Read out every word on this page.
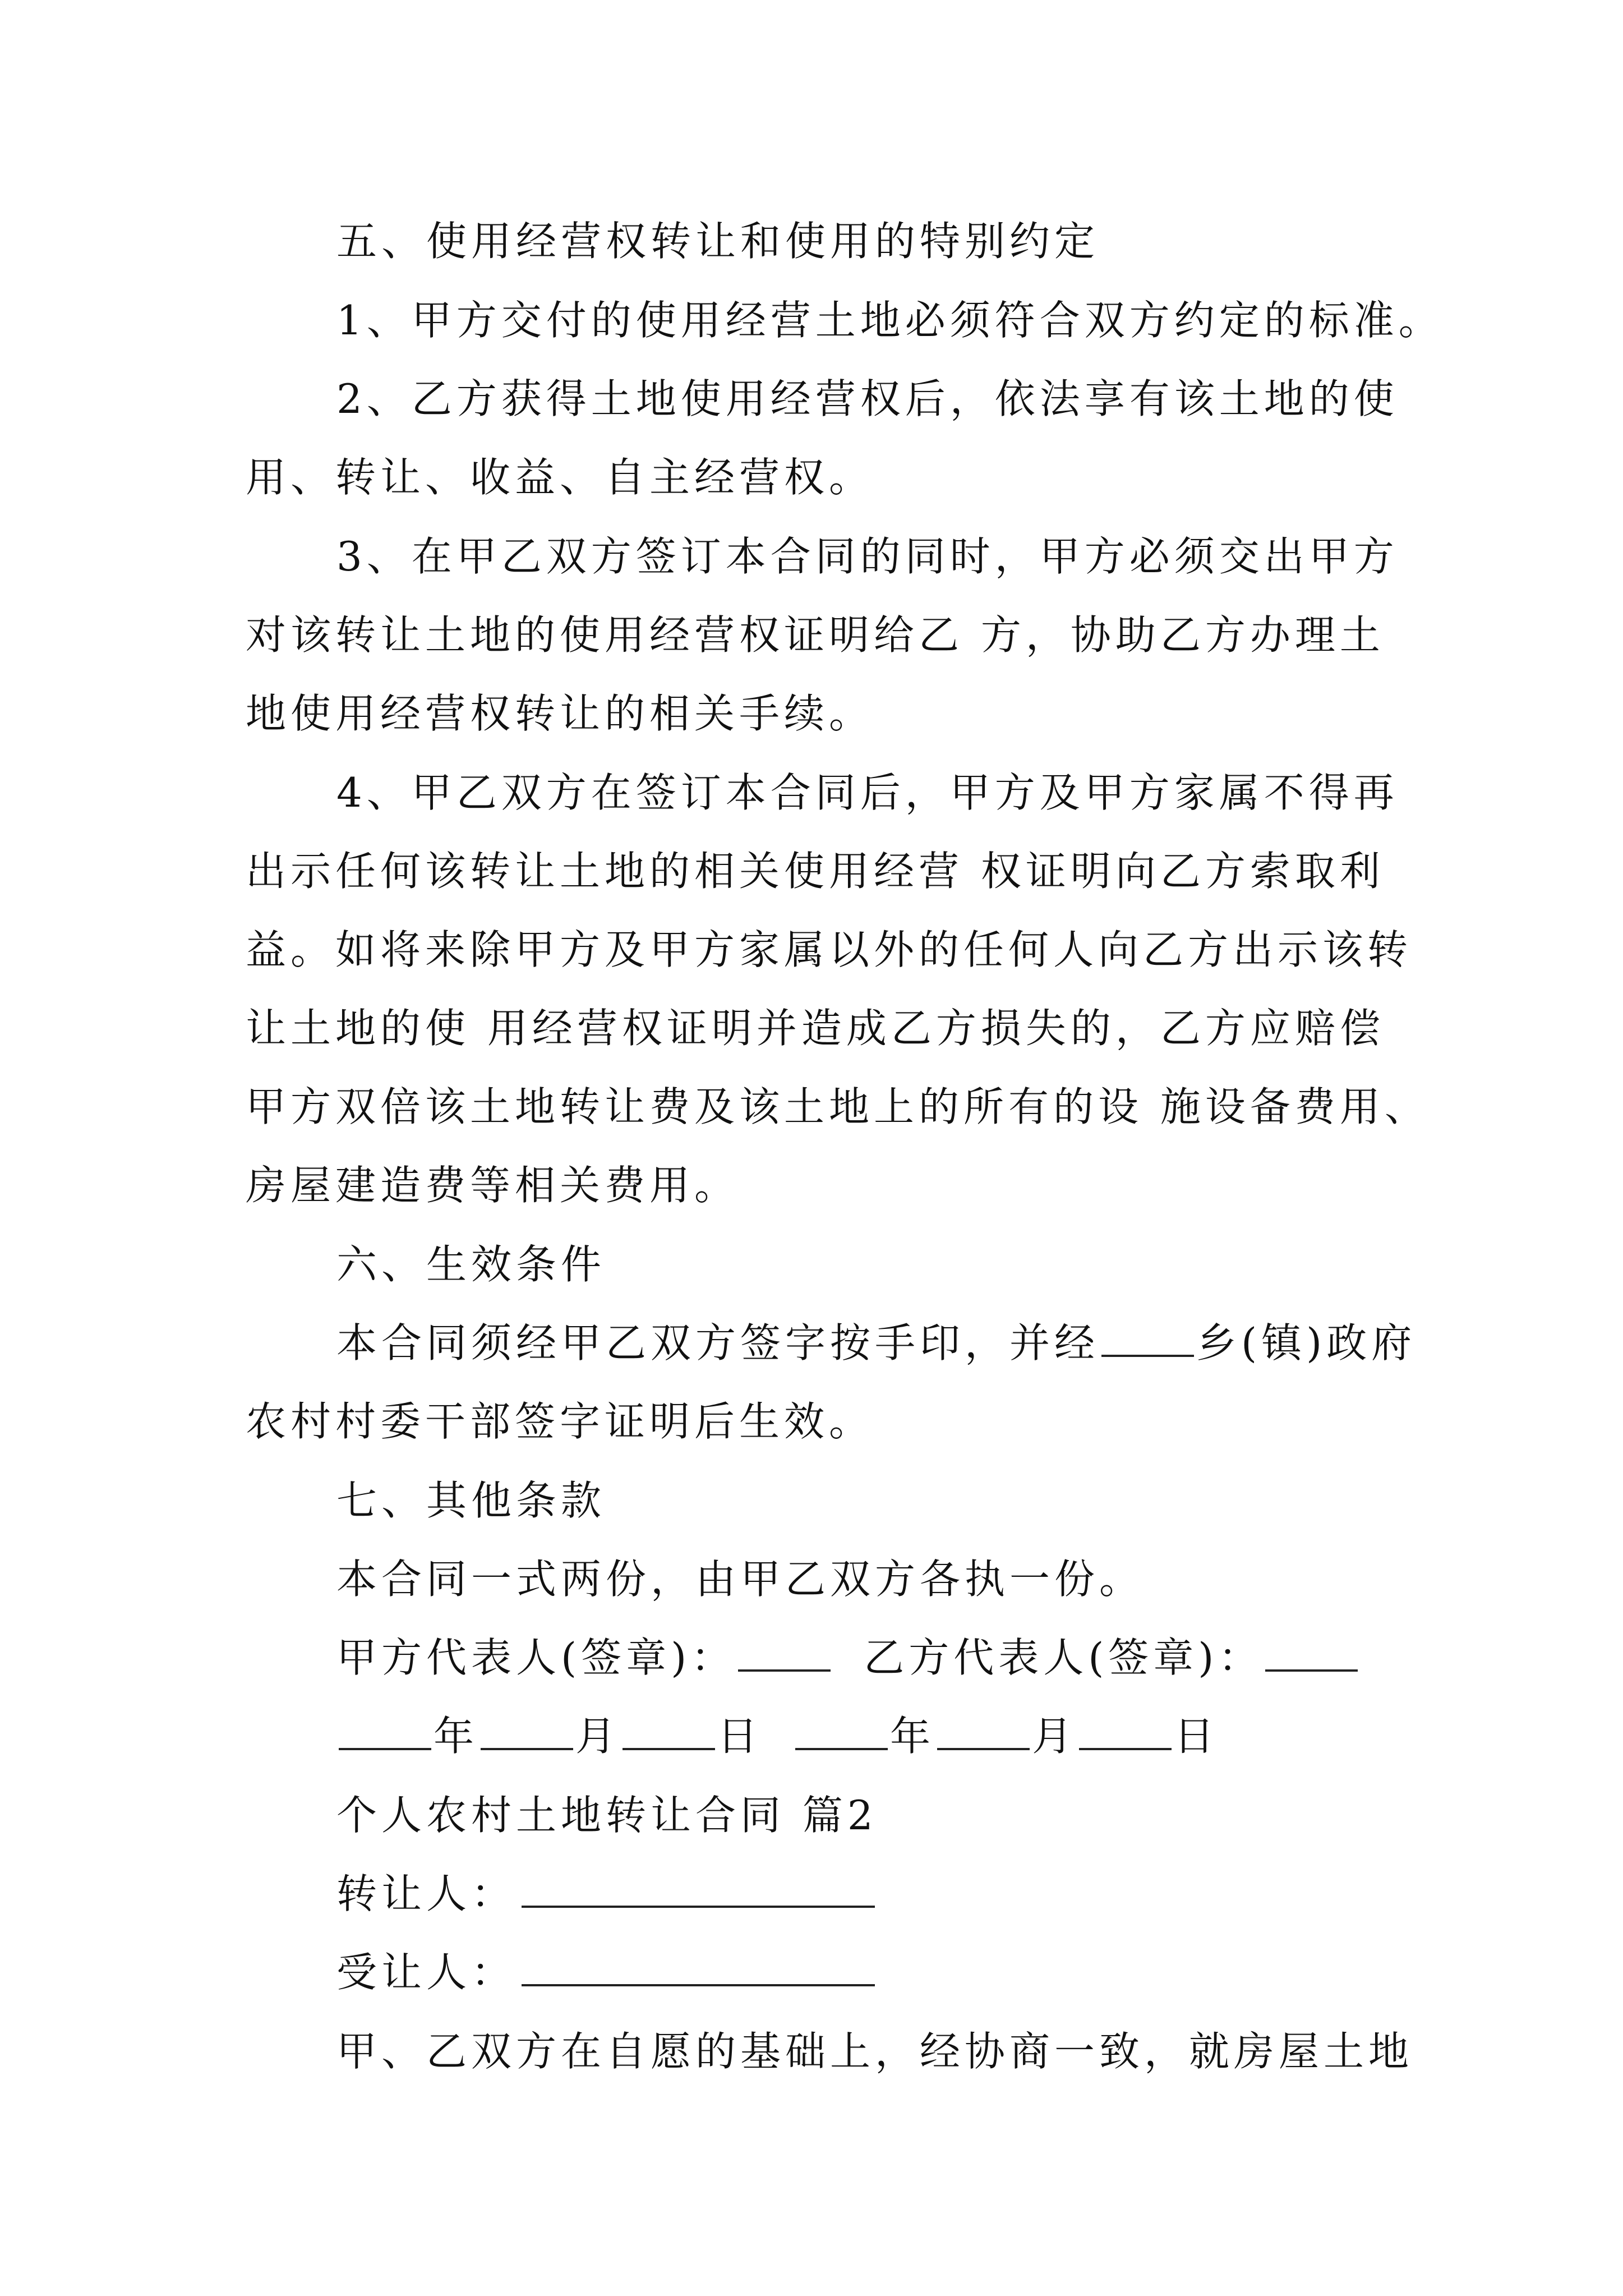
五、使用经营权转让和使用的特别约定
1、甲方交付的使用经营土地必须符合双方约定的标准。
2、乙方获得土地使用经营权后，依法享有该土地的使
用、转让、收益、自主经营权。
3、在甲乙双方签订本合同的同时，甲方必须交出甲方
对该转让土地的使用经营权证明给乙 方，协助乙方办理土
地使用经营权转让的相关手续。
4、甲乙双方在签订本合同后，甲方及甲方家属不得再
出示任何该转让土地的相关使用经营 权证明向乙方索取利
益。如将来除甲方及甲方家属以外的任何人向乙方出示该转
让土地的使 用经营权证明并造成乙方损失的，乙方应赔偿
甲方双倍该土地转让费及该土地上的所有的设 施设备费用、
房屋建造费等相关费用。
六、生效条件
本合同须经甲乙双方签字按手印，并经 乡(镇)政府
农村村委干部签字证明后生效。
七、其他条款
本合同一式两份，由甲乙双方各执一份。
甲方代表人(签章)：	乙方代表人(签章)：
年 月 日	年 月 日
个人农村土地转让合同 篇2
转让人：
受让人：
甲、乙双方在自愿的基础上，经协商一致，就房屋土地
